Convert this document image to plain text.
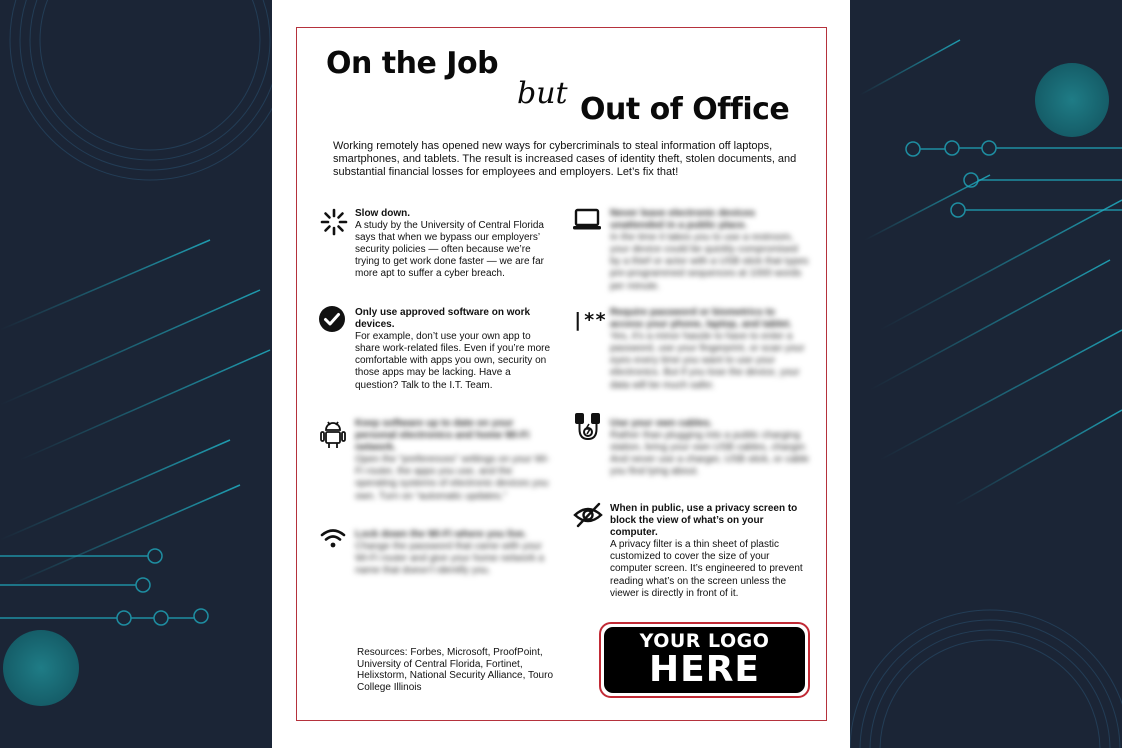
On the Job
but Out of Office
Working remotely has opened new ways for cybercriminals to steal information off laptops, smartphones, and tablets. The result is increased cases of identity theft, stolen documents, and substantial financial losses for employees and employers. Let’s fix that!
Slow down.
A study by the University of Central Florida says that when we bypass our employers’ security policies — often because we’re trying to get work done faster — we are far more apt to suffer a cyber breach.
Only use approved software on work devices.
For example, don’t use your own app to share work-related files. Even if you’re more comfortable with apps you own, security on those apps may be lacking. Have a question? Talk to the I.T. Team.
Keep software up to date on your personal electronics and home Wi-Fi network.
Open the “preferences” settings on your Wi-Fi router, the apps you use, and the operating systems of electronic devices you own. Turn on “automatic updates.”
Lock down the Wi-Fi where you live.
Change the password that came with your Wi-Fi router and give your home network a name that doesn’t identify you.
Never leave electronic devices unattended in a public place.
In the time it takes you to use a restroom, your device could be quickly compromised by a thief or actor with a USB stick that types pre-programmed sequences at 1000 words per minute.
|** Require password or biometrics to access your phone, laptop, and tablet.
Yes, it’s a minor hassle to have to enter a password, use your fingerprint, or scan your eyes every time you want to use your electronics. But if you lose the device, your data will be much safer.
Use your own cables.
Rather than plugging into a public charging station, bring your own USB cables, charger. And never use a charger, USB stick, or cable you find lying about.
When in public, use a privacy screen to block the view of what’s on your computer.
A privacy filter is a thin sheet of plastic customized to cover the size of your computer screen. It’s engineered to prevent reading what’s on the screen unless the viewer is directly in front of it.
Resources: Forbes, Microsoft, ProofPoint, University of Central Florida, Fortinet, Helixstorm, National Security Alliance, Touro College Illinois
YOUR LOGO
HERE
